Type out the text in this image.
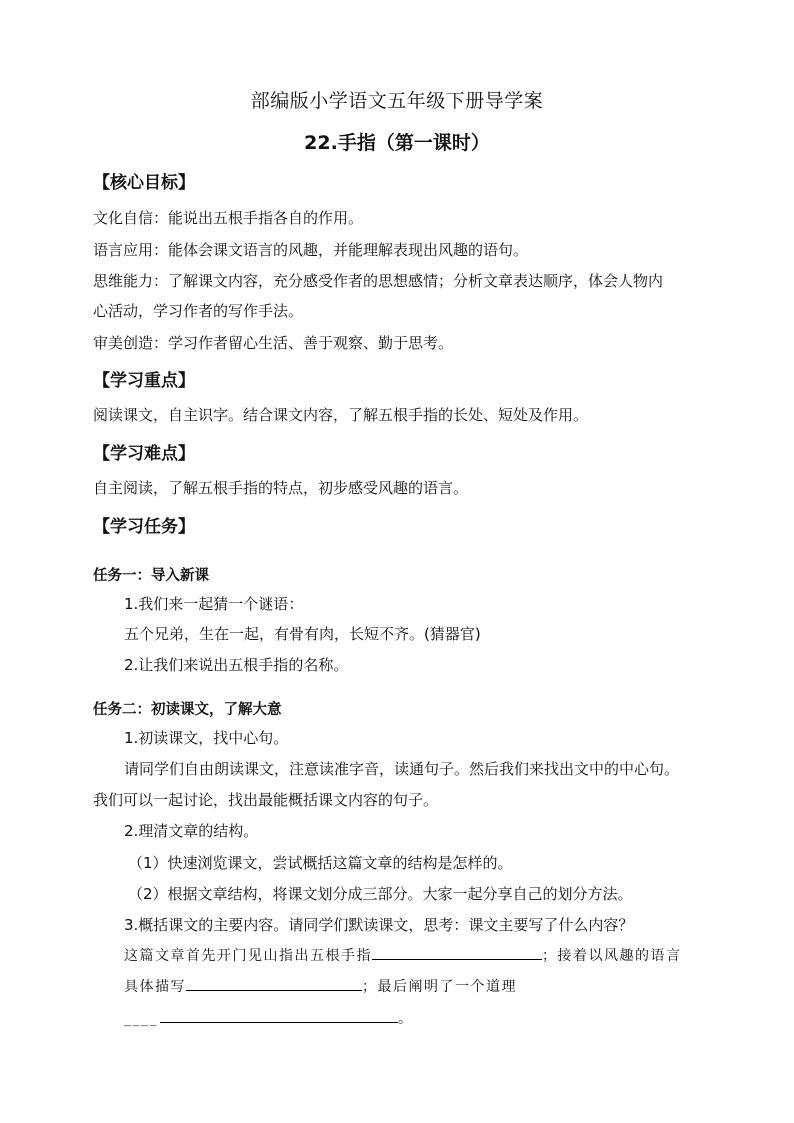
部编版小学语文五年级下册导学案
22.手指（第一课时）
【核心目标】
文化自信：能说出五根手指各自的作用。
语言应用：能体会课文语言的风趣，并能理解表现出风趣的语句。
思维能力：了解课文内容，充分感受作者的思想感情；分析文章表达顺序，体会人物内
心活动，学习作者的写作手法。
审美创造：学习作者留心生活、善于观察、勤于思考。
【学习重点】
阅读课文，自主识字。结合课文内容，了解五根手指的长处、短处及作用。
【学习难点】
自主阅读，了解五根手指的特点，初步感受风趣的语言。
【学习任务】
任务一：导入新课
1.我们来一起猜一个谜语：
五个兄弟，生在一起，有骨有肉，长短不齐。(猜器官)
2.让我们来说出五根手指的名称。
任务二：初读课文，了解大意
1.初读课文，找中心句。
请同学们自由朗读课文，注意读准字音，读通句子。然后我们来找出文中的中心句。
我们可以一起讨论，找出最能概括课文内容的句子。
2.理清文章的结构。
（1）快速浏览课文，尝试概括这篇文章的结构是怎样的。
（2）根据文章结构，将课文划分成三部分。大家一起分享自己的划分方法。
3.概括课文的主要内容。请同学们默读课文，思考：课文主要写了什么内容？
这篇文章首先开门见山指出五根手指	；接着以风趣的语言
具体描写	；最后阐明了一个道理
____	。
